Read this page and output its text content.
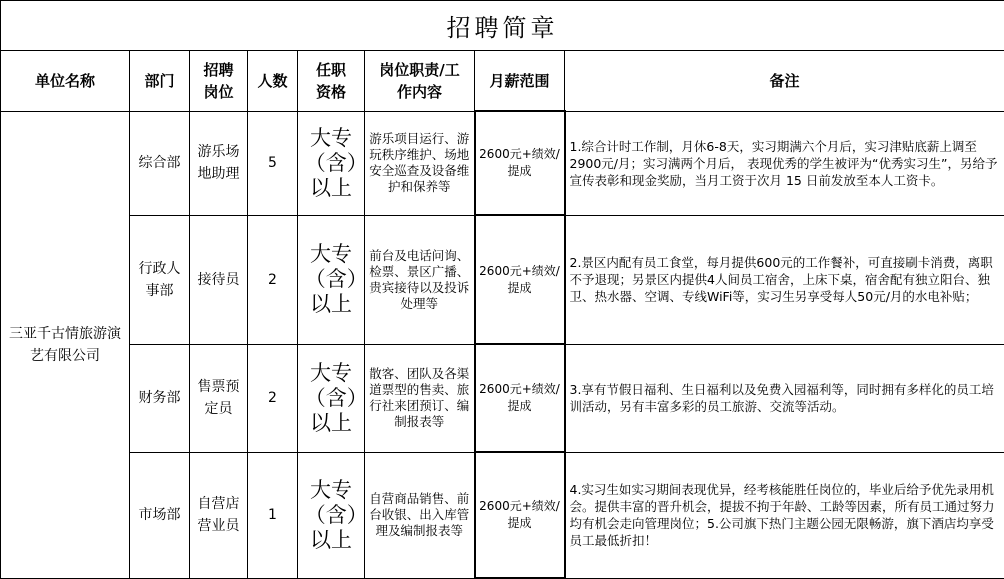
招聘简章							
单位名称	部门	招聘岗位	人数	任职资格	岗位职责/工作内容	月薪范围	备注
三亚千古情旅游演艺有限公司	综合部	游乐场地助理	5	大专（含）以上	游乐项目运行、游玩秩序维护、场地安全巡查及设备维护和保养等	2600元+绩效/提成	1.综合计时工作制，月休6-8天，实习期满六个月后，实习津贴底薪上调至2900元/月；实习满两个月后， 表现优秀的学生被评为“优秀实习生”，另给予宣传表彰和现金奖励，当月工资于次月 15 日前发放至本人工资卡。
	行政人事部	接待员	2	大专（含）以上	前台及电话问询、检票、景区广播、贵宾接待以及投诉处理等	2600元+绩效/提成	2.景区内配有员工食堂，每月提供600元的工作餐补，可直接刷卡消费，离职不予退现；另景区内提供4人间员工宿舍，上床下桌，宿舍配有独立阳台、独卫、热水器、空调、专线WiFi等，实习生另享受每人50元/月的水电补贴；
	财务部	售票预定员	2	大专（含）以上	散客、团队及各渠道票型的售卖、旅行社来团预订、编制报表等	2600元+绩效/提成	3.享有节假日福利、生日福利以及免费入园福利等，同时拥有多样化的员工培训活动，另有丰富多彩的员工旅游、交流等活动。
	市场部	自营店营业员	1	大专（含）以上	自营商品销售、前台收银、出入库管理及编制报表等	2600元+绩效/提成	4.实习生如实习期间表现优异，经考核能胜任岗位的，毕业后给予优先录用机会。提供丰富的晋升机会，提拔不拘于年龄、工龄等因素，所有员工通过努力均有机会走向管理岗位；5.公司旗下热门主题公园无限畅游，旗下酒店均享受员工最低折扣！
